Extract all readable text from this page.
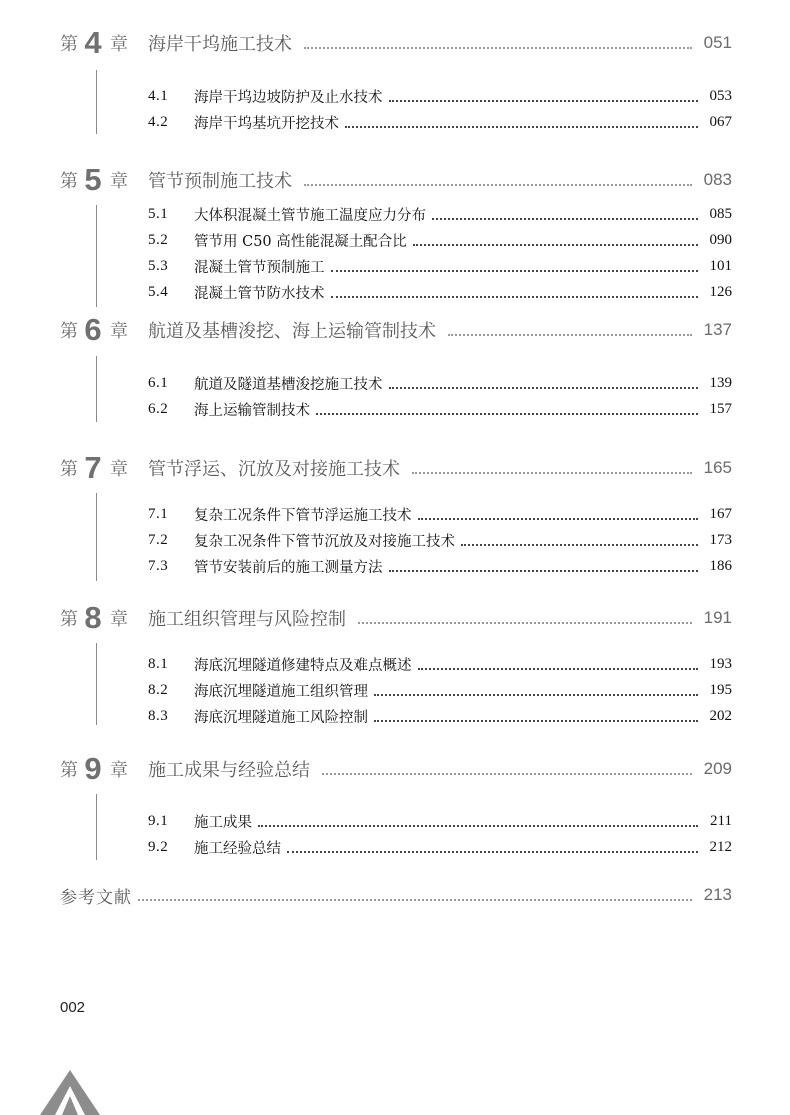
第 4 章	海岸干坞施工技术	051
4.1	海岸干坞边坡防护及止水技术	053
4.2	海岸干坞基坑开挖技术	067
第 5 章	管节预制施工技术	083
5.1	大体积混凝土管节施工温度应力分布	085
5.2	管节用 C50 高性能混凝土配合比	090
5.3	混凝土管节预制施工	101
5.4	混凝土管节防水技术	126
第 6 章	航道及基槽浚挖、海上运输管制技术	137
6.1	航道及隧道基槽浚挖施工技术	139
6.2	海上运输管制技术	157
第 7 章	管节浮运、沉放及对接施工技术	165
7.1	复杂工况条件下管节浮运施工技术	167
7.2	复杂工况条件下管节沉放及对接施工技术	173
7.3	管节安装前后的施工测量方法	186
第 8 章	施工组织管理与风险控制	191
8.1	海底沉埋隧道修建特点及难点概述	193
8.2	海底沉埋隧道施工组织管理	195
8.3	海底沉埋隧道施工风险控制	202
第 9 章	施工成果与经验总结	209
9.1	施工成果	211
9.2	施工经验总结	212
参考文献	213
002
